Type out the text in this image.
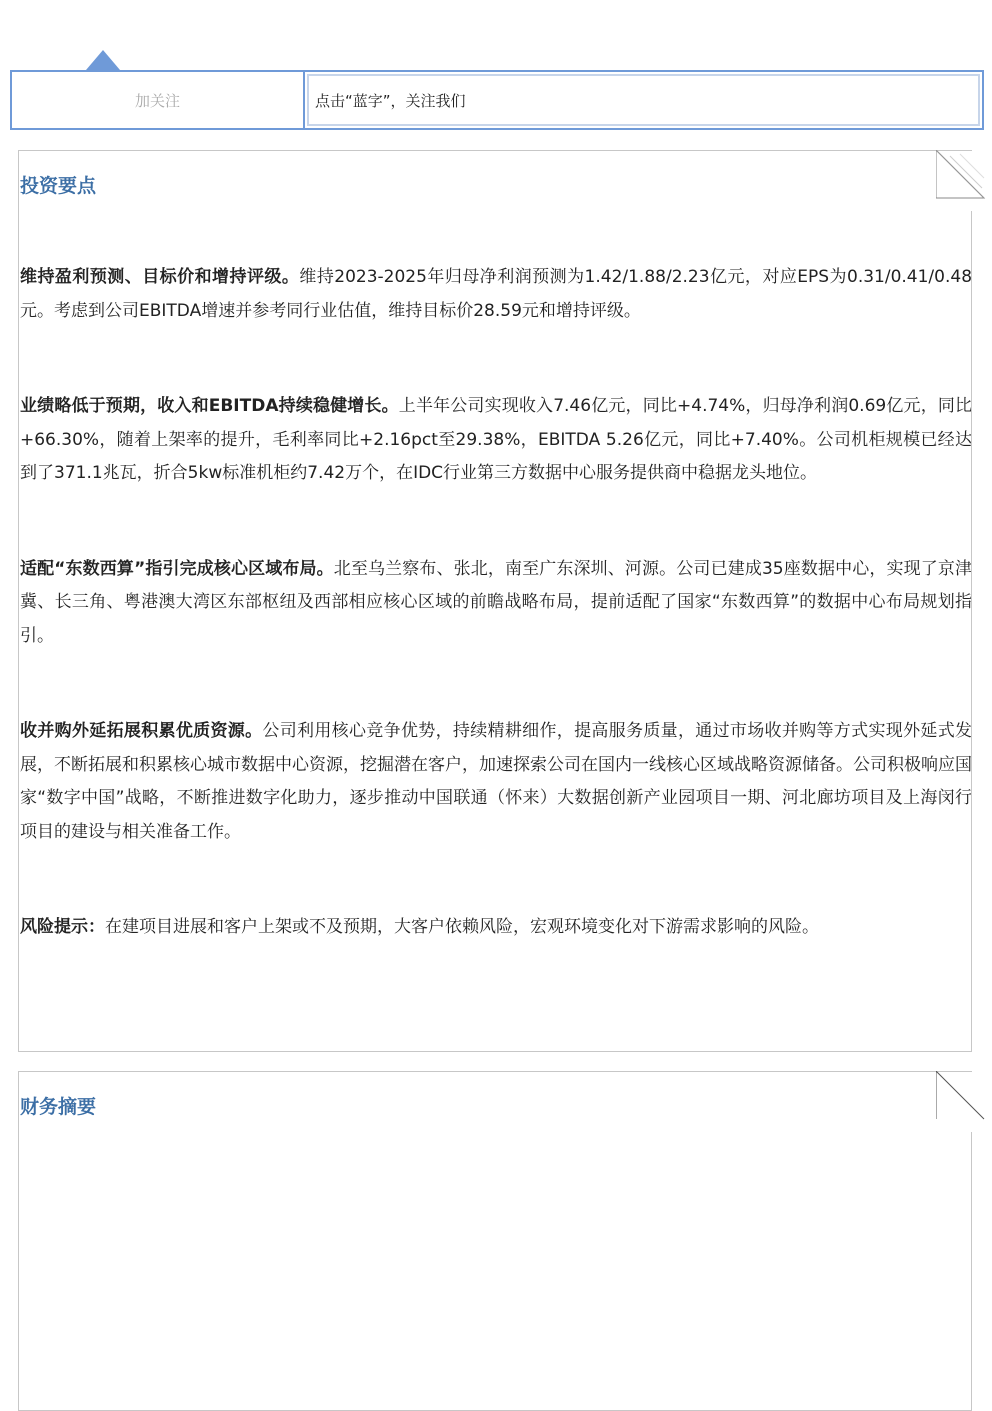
加关注	点击“蓝字”，关注我们
投资要点

维持盈利预测、目标价和增持评级。维持2023-2025年归母净利润预测为1.42/1.88/2.23亿元，对应EPS为0.31/0.41/0.48元。考虑到公司EBITDA增速并参考同行业估值，维持目标价28.59元和增持评级。

业绩略低于预期，收入和EBITDA持续稳健增长。上半年公司实现收入7.46亿元，同比+4.74%，归母净利润0.69亿元，同比+66.30%，随着上架率的提升，毛利率同比+2.16pct至29.38%，EBITDA 5.26亿元，同比+7.40%。公司机柜规模已经达到了371.1兆瓦，折合5kw标准机柜约7.42万个，在IDC行业第三方数据中心服务提供商中稳据龙头地位。

适配“东数西算”指引完成核心区域布局。北至乌兰察布、张北，南至广东深圳、河源。公司已建成35座数据中心，实现了京津冀、长三角、粤港澳大湾区东部枢纽及西部相应核心区域的前瞻战略布局，提前适配了国家“东数西算”的数据中心布局规划指引。

收并购外延拓展积累优质资源。公司利用核心竞争优势，持续精耕细作，提高服务质量，通过市场收并购等方式实现外延式发展，不断拓展和积累核心城市数据中心资源，挖掘潜在客户，加速探索公司在国内一线核心区域战略资源储备。公司积极响应国家“数字中国”战略，不断推进数字化助力，逐步推动中国联通（怀来）大数据创新产业园项目一期、河北廊坊项目及上海闵行项目的建设与相关准备工作。

风险提示：在建项目进展和客户上架或不及预期，大客户依赖风险，宏观环境变化对下游需求影响的风险。

财务摘要
